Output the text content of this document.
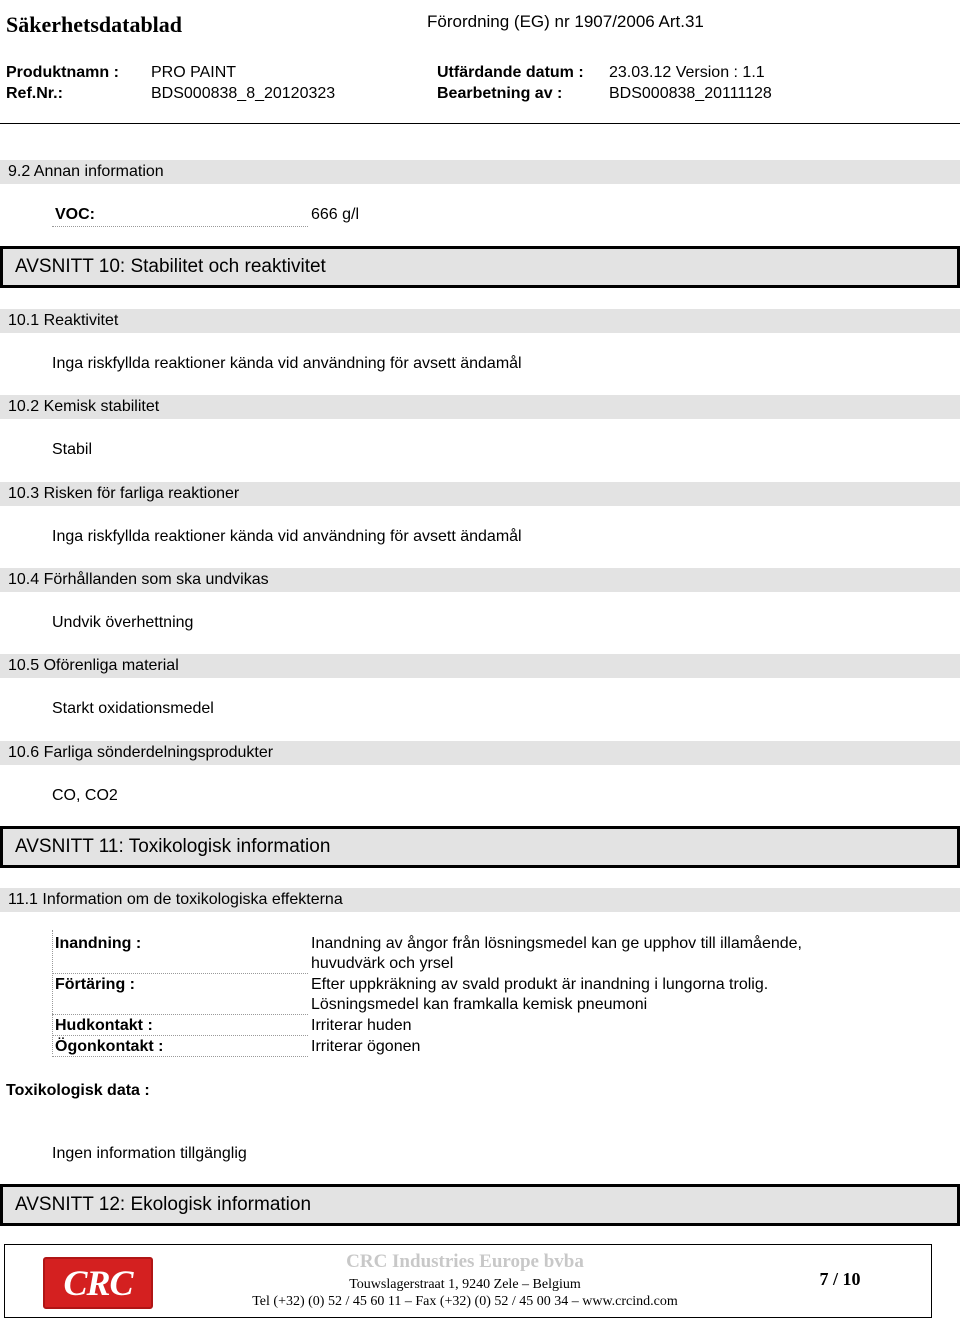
Säkerhetsdatablad	Förordning (EG) nr 1907/2006 Art.31
Produktnamn : PRO PAINT	Utfärdande datum : 23.03.12 Version : 1.1
Ref.Nr.:	BDS000838_8_20120323	Bearbetning av :	BDS000838_20111128
9.2 Annan information
VOC:	666 g/l
AVSNITT 10: Stabilitet och reaktivitet
10.1 Reaktivitet
Inga riskfyllda reaktioner kända vid användning för avsett ändamål
10.2 Kemisk stabilitet
Stabil
10.3 Risken för farliga reaktioner
Inga riskfyllda reaktioner kända vid användning för avsett ändamål
10.4 Förhållanden som ska undvikas
Undvik överhettning
10.5 Oförenliga material
Starkt oxidationsmedel
10.6 Farliga sönderdelningsprodukter
CO, CO2
AVSNITT 11: Toxikologisk information
11.1 Information om de toxikologiska effekterna
Inandning :	Inandning av ångor från lösningsmedel kan ge upphov till illamående,
huvudvärk och yrsel
Förtäring :	Efter uppkräkning av svald produkt är inandning i lungorna trolig.
Lösningsmedel kan framkalla kemisk pneumoni
Hudkontakt :	Irriterar huden
Ögonkontakt :	Irriterar ögonen
Toxikologisk data :
Ingen information tillgänglig
AVSNITT 12: Ekologisk information
CRC
CRC Industries Europe bvba
Touwslagerstraat 1, 9240 Zele – Belgium
Tel (+32) (0) 52 / 45 60 11 – Fax (+32) (0) 52 / 45 00 34 – www.crcind.com
7 / 10
